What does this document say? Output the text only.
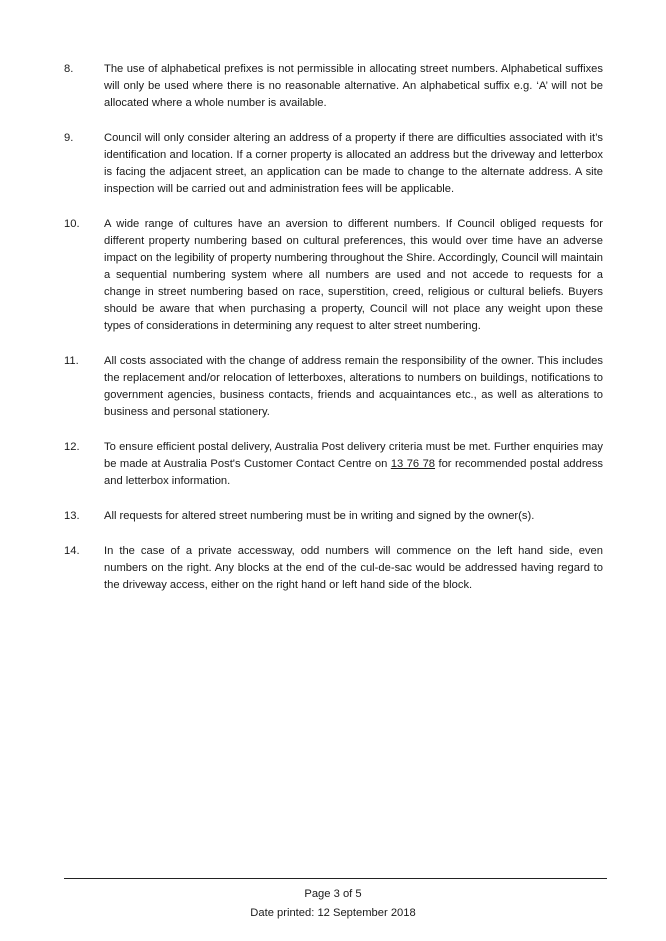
8.	The use of alphabetical prefixes is not permissible in allocating street numbers. Alphabetical suffixes will only be used where there is no reasonable alternative. An alphabetical suffix e.g. ‘A’ will not be allocated where a whole number is available.
9.	Council will only consider altering an address of a property if there are difficulties associated with it’s identification and location. If a corner property is allocated an address but the driveway and letterbox is facing the adjacent street, an application can be made to change to the alternate address. A site inspection will be carried out and administration fees will be applicable.
10. A wide range of cultures have an aversion to different numbers. If Council obliged requests for different property numbering based on cultural preferences, this would over time have an adverse impact on the legibility of property numbering throughout the Shire. Accordingly, Council will maintain a sequential numbering system where all numbers are used and not accede to requests for a change in street numbering based on race, superstition, creed, religious or cultural beliefs. Buyers should be aware that when purchasing a property, Council will not place any weight upon these types of considerations in determining any request to alter street numbering.
11. All costs associated with the change of address remain the responsibility of the owner. This includes the replacement and/or relocation of letterboxes, alterations to numbers on buildings, notifications to government agencies, business contacts, friends and acquaintances etc., as well as alterations to business and personal stationery.
12. To ensure efficient postal delivery, Australia Post delivery criteria must be met. Further enquiries may be made at Australia Post's Customer Contact Centre on 13 76 78 for recommended postal address and letterbox information.
13. All requests for altered street numbering must be in writing and signed by the owner(s).
14. In the case of a private accessway, odd numbers will commence on the left hand side, even numbers on the right. Any blocks at the end of the cul-de-sac would be addressed having regard to the driveway access, either on the right hand or left hand side of the block.
Page 3 of 5
Date printed: 12 September 2018
